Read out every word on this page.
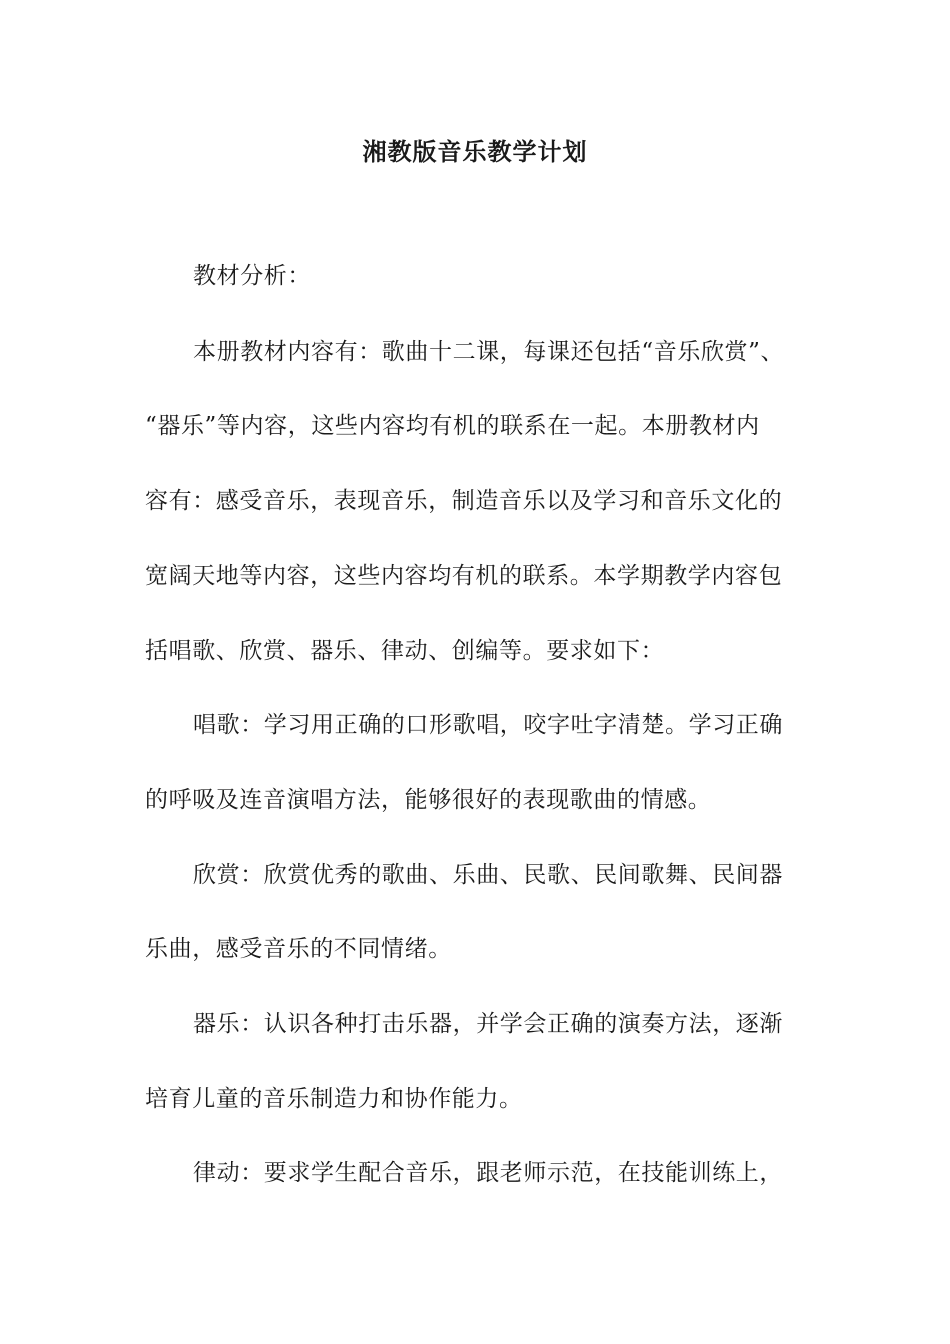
湘教版音乐教学计划
教材分析：
本册教材内容有：歌曲十二课，每课还包括“音乐欣赏”、
“器乐”等内容，这些内容均有机的联系在一起。本册教材内
容有：感受音乐，表现音乐，制造音乐以及学习和音乐文化的
宽阔天地等内容，这些内容均有机的联系。本学期教学内容包
括唱歌、欣赏、器乐、律动、创编等。要求如下：
唱歌：学习用正确的口形歌唱，咬字吐字清楚。学习正确
的呼吸及连音演唱方法，能够很好的表现歌曲的情感。
欣赏：欣赏优秀的歌曲、乐曲、民歌、民间歌舞、民间器
乐曲，感受音乐的不同情绪。
器乐：认识各种打击乐器，并学会正确的演奏方法，逐渐
培育儿童的音乐制造力和协作能力。
律动：要求学生配合音乐，跟老师示范，在技能训练上，
